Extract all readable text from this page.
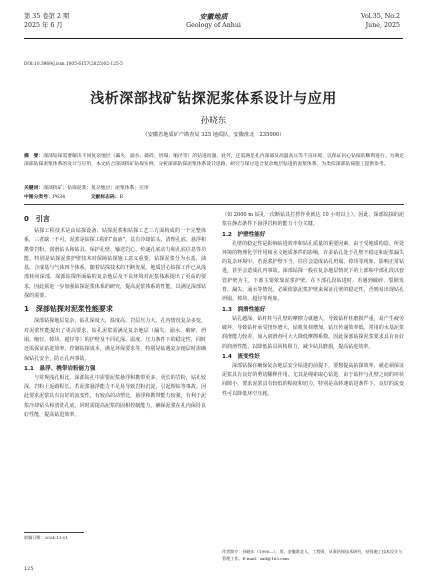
第 35 卷第 2 期
2025 年 6 月
安徽地质
Geology of Anhui
Vol.35, No.2
June, 2025
DOI:10.3969/j.issn.1005-6157(2025)02-125-5
浅析深部找矿钻探泥浆体系设计与应用
孙晓东
（安徽省地质矿产勘查局 325 地质队，安徽淮北　235000）
摘　要：深部钻探需要解决不同复杂地层（漏失、涌水、破碎、坍塌、缩径等）的钻进问题，此外，还需满足孔内深部及高温高压等不良环境，以保证岩心钻探的顺利进行。为满足深部钻探泥浆体系的设计与应用，本文结合深部找矿钻探实例，分析深部钻探泥浆体系设计思路，研究与探讨适合复杂地层钻进的泥浆体系，为类似深部钻探施工提供参考。
关键词：深部找矿；钻探泥浆；复杂地层；泥浆体系；应用
中图分类号：P634	文献标志码：B
0　引言

钻探工程技术是由钻探设备、钻探泥浆和钻探工艺三方面构成的一个完整体系，三者缺一不可。泥浆是钻探工程的“血液”，具有冷却钻头、清理孔底、悬浮和携带岩粉、润滑钻头和钻具、保护孔壁、输送岩心、传递孔底动力和孔底信息等功能。特别是钻探泥浆护壁技术对保障钻探施工意义重要。钻探泥浆分为水基、油基、合成基与气体四个体系。随着钻探技术的不断发展，地质岩心钻探工作已从浅部转向深部，深部钻探所面临的复杂地层及不良环境对泥浆体系提出了更高的要求，因此须进一步加强钻探泥浆体系的研究，提高泥浆体系的性能，以满足深部钻探的需要。

1　深部钻探对泥浆性能要求

深部钻探地层复杂，钻孔深度大，温度高，岩层压力大，孔内情况复杂多变，对泥浆性能提出了更高要求，钻孔泥浆需满足复杂地层（漏失、涌水、破碎、坍塌、缩径、掉块、超径等）的护壁及不同孔深、温度、压力条件下的稳定性，同时还需保证钻进效率、控制钻探成本，满足环保要求等，特别是钻遇复杂地层时需确保钻孔安全，防止孔内事故。

1.1　悬浮、携带岩粉能力强

与常规浅孔相比，深部钻孔中需要泥浆悬浮和携带更多、更长的岩粉，钻孔较深，岩粉上返路程长，若泥浆悬浮能力不足易导致岩粉沉淀，引起埋钻等事故。因此要求泥浆具有良好的流变性，有较高的动塑比，悬浮和携带能力较强，有利于泥浆冷却钻头和清洗孔底，同时需提高泥浆的固相控制能力，确保泥浆在孔内保持良好性能，提高钻进效率。

收稿日期：2024-11-01
125

（如 2000 m 钻孔一次断钻具打捞作业就达 10 小时以上）。因此，深部钻探的泥浆在静态条件下悬浮岩粉的能力十分关键。

1.2　护壁性能好

孔壁的稳定性是影响钻进效率和钻孔质量的重要因素。由于受地质构造、所处环境的物理化学作用和水文地质条件的影响，许多钻孔处于孔壁不稳定和泥浆漏失的复杂环境中。若泥浆护壁不当，往往会造成钻孔坍塌、掉块等现象，影响正常钻进，甚至会造成孔内事故。深部钻探一般在复杂地层情况下的上部和中部孔段以套管护壁为主，下部主要依靠泥浆护壁。在下部孔段钻进时，若遇到破碎、裂隙发育、漏失、涌水等情况，必须依靠泥浆护壁来保证孔壁的稳定性，否则易出现钻孔坍塌、掉块、超径等现象。

1.3　润滑性能好

钻孔越深，钻杆柱与孔壁的摩擦力就越大，导致钻杆柱磨损严重，易产生疲劳破坏，导致钻杆承受扭矩增大，钻机负荷增加，钻压传递效率低。常用的水基泥浆润滑能力较差，加入润滑剂可大大降低摩擦系数。因此深部钻探泥浆要求具有良好的润滑性能，以降低钻具回转阻力，减少钻具磨损，提高钻进效率。

1.4　流变性好

深部钻探在确保复杂地层安全钻进的前提下，要想提高钻探效率，就必须保证泥浆具有良好的剪切稀释作用。尤其是绳索取心钻进，由于钻杆与孔壁之间的环状间隙小，要求泥浆具有较低的粘度和切力，特别是高转速钻进条件下，良好的流变性可以降低环空压耗。

作者简介：孙晓东（1990—），男，安徽淮北人，工程师，从事钻探技术研究、钻探施工技术设计与管理工作。E-mail：sxd@163.com
